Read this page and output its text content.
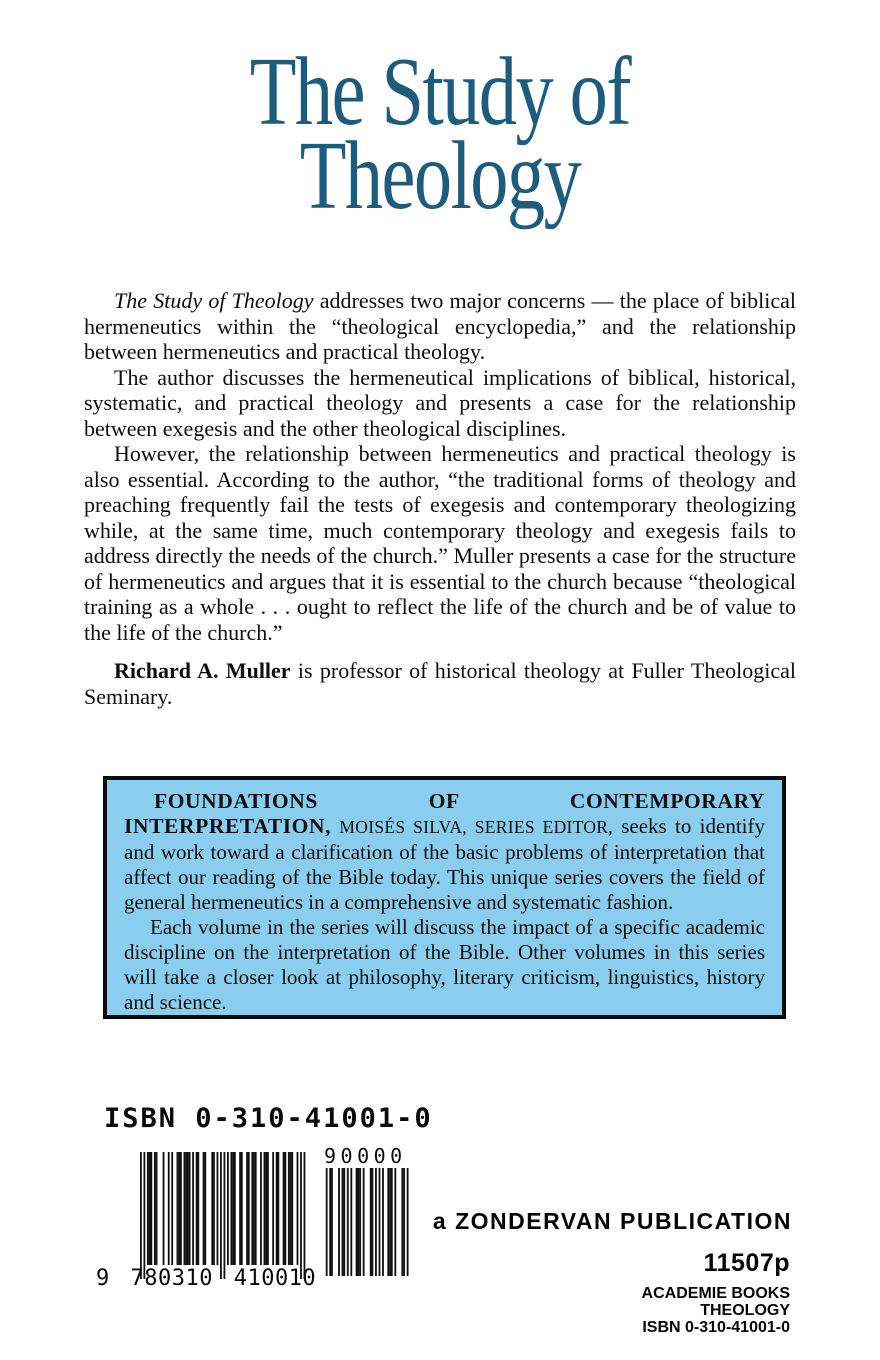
The Study of
Theology

The Study of Theology addresses two major concerns — the place of biblical hermeneutics within the “theological encyclopedia,” and the relationship between hermeneutics and practical theology.

The author discusses the hermeneutical implications of biblical, historical, systematic, and practical theology and presents a case for the relationship between exegesis and the other theological disciplines.

However, the relationship between hermeneutics and practical theology is also essential. According to the author, “the traditional forms of theology and preaching frequently fail the tests of exegesis and contemporary theologizing while, at the same time, much contemporary theology and exegesis fails to address directly the needs of the church.” Muller presents a case for the structure of hermeneutics and argues that it is essential to the church because “theological training as a whole . . . ought to reflect the life of the church and be of value to the life of the church.”

Richard A. Muller is professor of historical theology at Fuller Theological Seminary.

FOUNDATIONS OF CONTEMPORARY INTERPRETATION, MOISÉS SILVA, SERIES EDITOR, seeks to identify and work toward a clarification of the basic problems of interpretation that affect our reading of the Bible today. This unique series covers the field of general hermeneutics in a comprehensive and systematic fashion.

Each volume in the series will discuss the impact of a specific academic discipline on the interpretation of the Bible. Other volumes in this series will take a closer look at philosophy, literary criticism, linguistics, history and science.

ISBN 0-310-41001-0
9 780310 410010
90000
a ZONDERVAN PUBLICATION
11507p
ACADEMIE BOOKS
THEOLOGY
ISBN 0-310-41001-0
